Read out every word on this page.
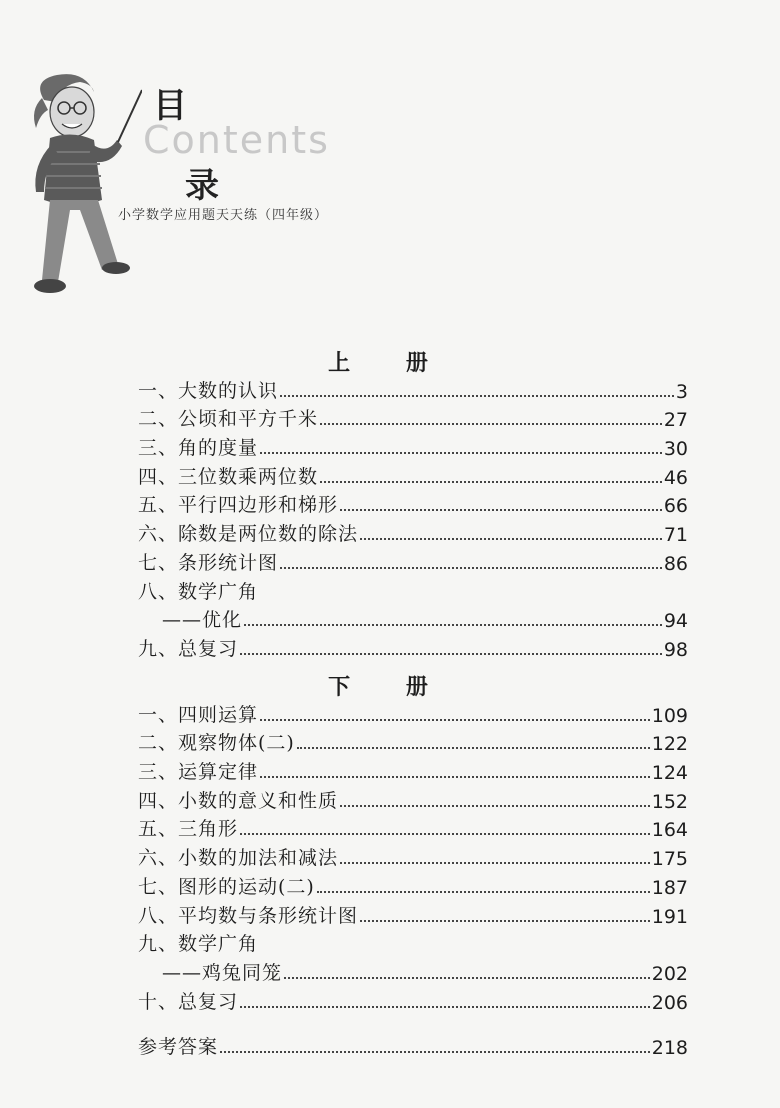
目
Contents
录
小学数学应用题天天练（四年级）
上 册
一、大数的认识	3
二、公顷和平方千米	27
三、角的度量	30
四、三位数乘两位数	46
五、平行四边形和梯形	66
六、除数是两位数的除法	71
七、条形统计图	86
八、数学广角
——优化	94
九、总复习	98
下 册
一、四则运算	109
二、观察物体(二)	122
三、运算定律	124
四、小数的意义和性质	152
五、三角形	164
六、小数的加法和减法	175
七、图形的运动(二)	187
八、平均数与条形统计图	191
九、数学广角
——鸡兔同笼	202
十、总复习	206
参考答案	218
